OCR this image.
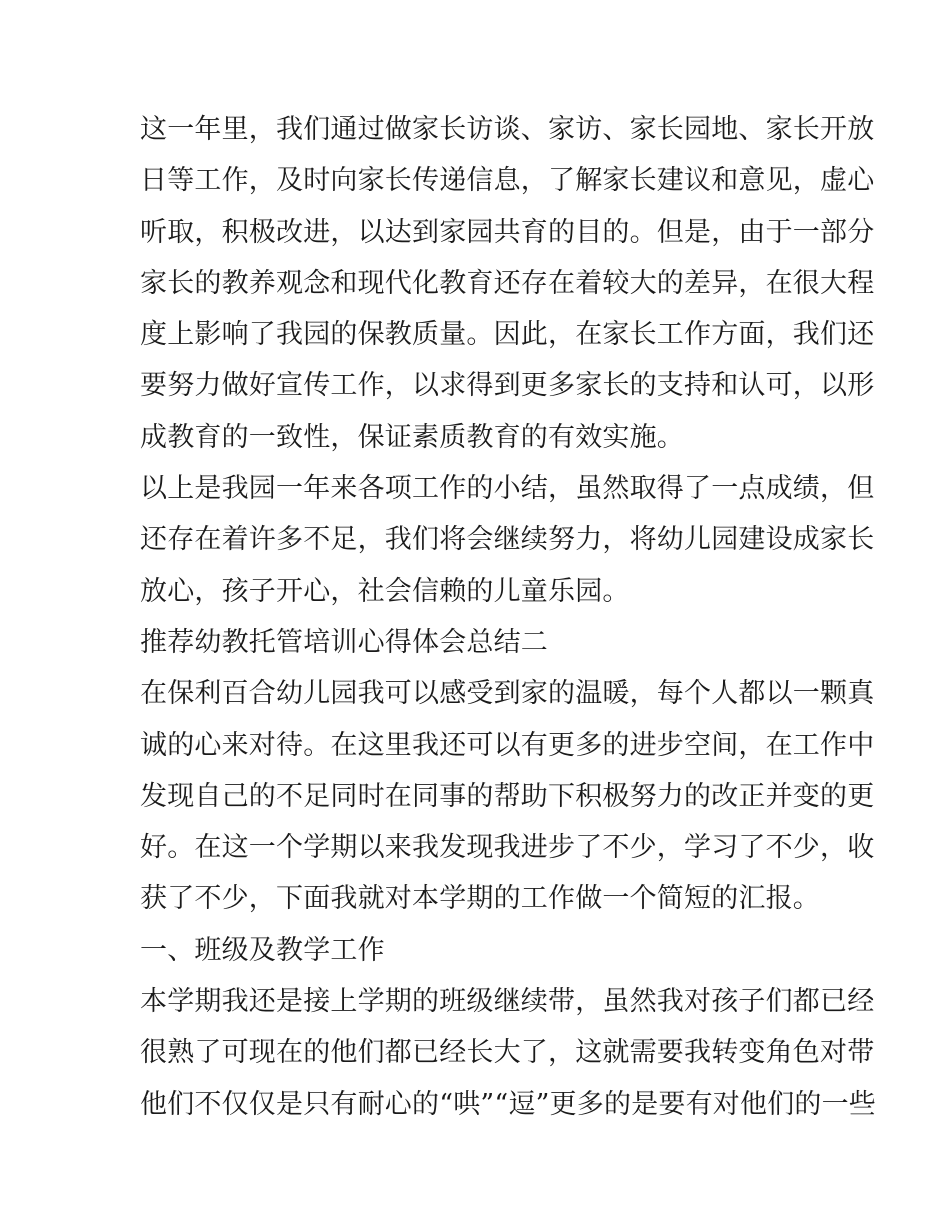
这一年里，我们通过做家长访谈、家访、家长园地、家长开放
日等工作，及时向家长传递信息，了解家长建议和意见，虚心
听取，积极改进，以达到家园共育的目的。但是，由于一部分
家长的教养观念和现代化教育还存在着较大的差异，在很大程
度上影响了我园的保教质量。因此，在家长工作方面，我们还
要努力做好宣传工作，以求得到更多家长的支持和认可，以形
成教育的一致性，保证素质教育的有效实施。
以上是我园一年来各项工作的小结，虽然取得了一点成绩，但
还存在着许多不足，我们将会继续努力，将幼儿园建设成家长
放心，孩子开心，社会信赖的儿童乐园。
推荐幼教托管培训心得体会总结二
在保利百合幼儿园我可以感受到家的温暖，每个人都以一颗真
诚的心来对待。在这里我还可以有更多的进步空间，在工作中
发现自己的不足同时在同事的帮助下积极努力的改正并变的更
好。在这一个学期以来我发现我进步了不少，学习了不少，收
获了不少，下面我就对本学期的工作做一个简短的汇报。
一、班级及教学工作
本学期我还是接上学期的班级继续带，虽然我对孩子们都已经
很熟了可现在的他们都已经长大了，这就需要我转变角色对带
他们不仅仅是只有耐心的“哄”“逗”更多的是要有对他们的一些
